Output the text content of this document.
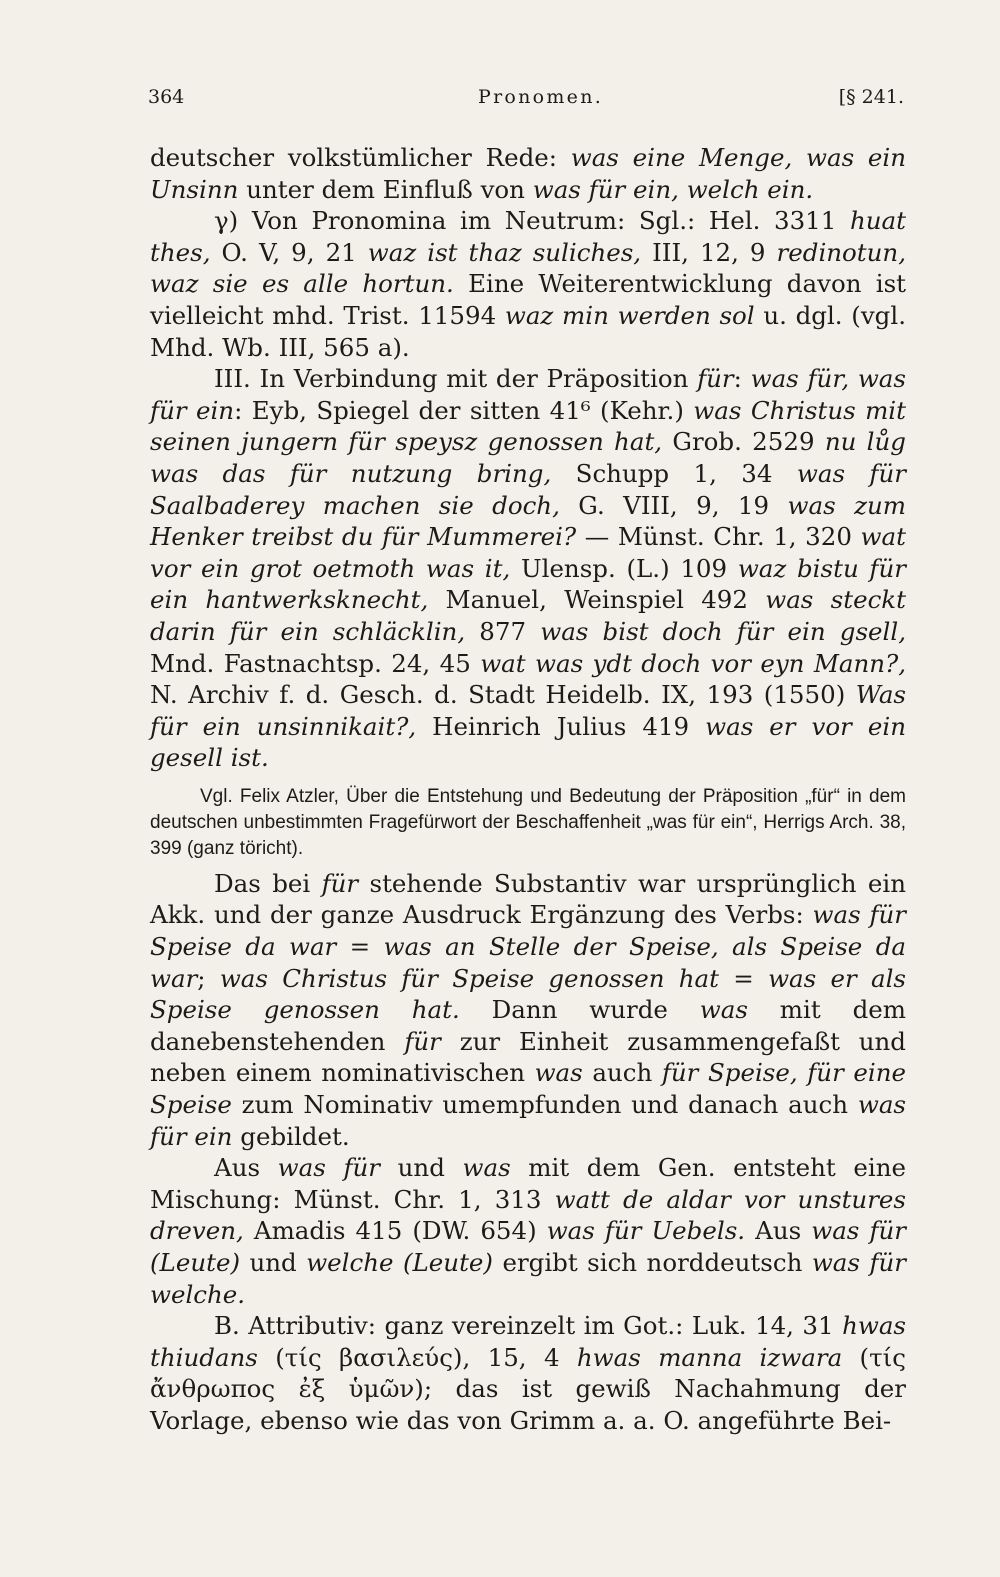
364	Pronomen.	[§ 241.

deutscher volkstümlicher Rede: was eine Menge, was ein Unsinn unter dem Einfluß von was für ein, welch ein.

γ) Von Pronomina im Neutrum: Sgl.: Hel. 3311 huat thes, O. V, 9, 21 waz ist thaz suliches, III, 12, 9 redinotun, waz sie es alle hortun. Eine Weiterentwicklung davon ist vielleicht mhd. Trist. 11594 waz min werden sol u. dgl. (vgl. Mhd. Wb. III, 565 a).

III. In Verbindung mit der Präposition für: was für, was für ein: Eyb, Spiegel der sitten 41⁶ (Kehr.) was Christus mit seinen jungern für speysz genossen hat, Grob. 2529 nu lůg was das für nutzung bring, Schupp 1, 34 was für Saalbaderey machen sie doch, G. VIII, 9, 19 was zum Henker treibst du für Mummerei? — Münst. Chr. 1, 320 wat vor ein grot oetmoth was it, Ulensp. (L.) 109 waz bistu für ein hantwerksknecht, Manuel, Weinspiel 492 was steckt darin für ein schläcklin, 877 was bist doch für ein gsell, Mnd. Fastnachtsp. 24, 45 wat was ydt doch vor eyn Mann?, N. Archiv f. d. Gesch. d. Stadt Heidelb. IX, 193 (1550) Was für ein unsinnikait?, Heinrich Julius 419 was er vor ein gesell ist.

Vgl. Felix Atzler, Über die Entstehung und Bedeutung der Präposition „für“ in dem deutschen unbestimmten Fragefürwort der Beschaffenheit „was für ein“, Herrigs Arch. 38, 399 (ganz töricht).

Das bei für stehende Substantiv war ursprünglich ein Akk. und der ganze Ausdruck Ergänzung des Verbs: was für Speise da war = was an Stelle der Speise, als Speise da war; was Christus für Speise genossen hat = was er als Speise genossen hat. Dann wurde was mit dem danebenstehenden für zur Einheit zusammengefaßt und neben einem nominativischen was auch für Speise, für eine Speise zum Nominativ umempfunden und danach auch was für ein gebildet.

Aus was für und was mit dem Gen. entsteht eine Mischung: Münst. Chr. 1, 313 watt de aldar vor unstures dreven, Amadis 415 (DW. 654) was für Uebels. Aus was für (Leute) und welche (Leute) ergibt sich norddeutsch was für welche.

B. Attributiv: ganz vereinzelt im Got.: Luk. 14, 31 hwas thiudans (τίς βασιλεύς), 15, 4 hwas manna izwara (τίς ἄνθρωπος ἐξ ὑμῶν); das ist gewiß Nachahmung der Vorlage, ebenso wie das von Grimm a. a. O. angeführte Bei-
